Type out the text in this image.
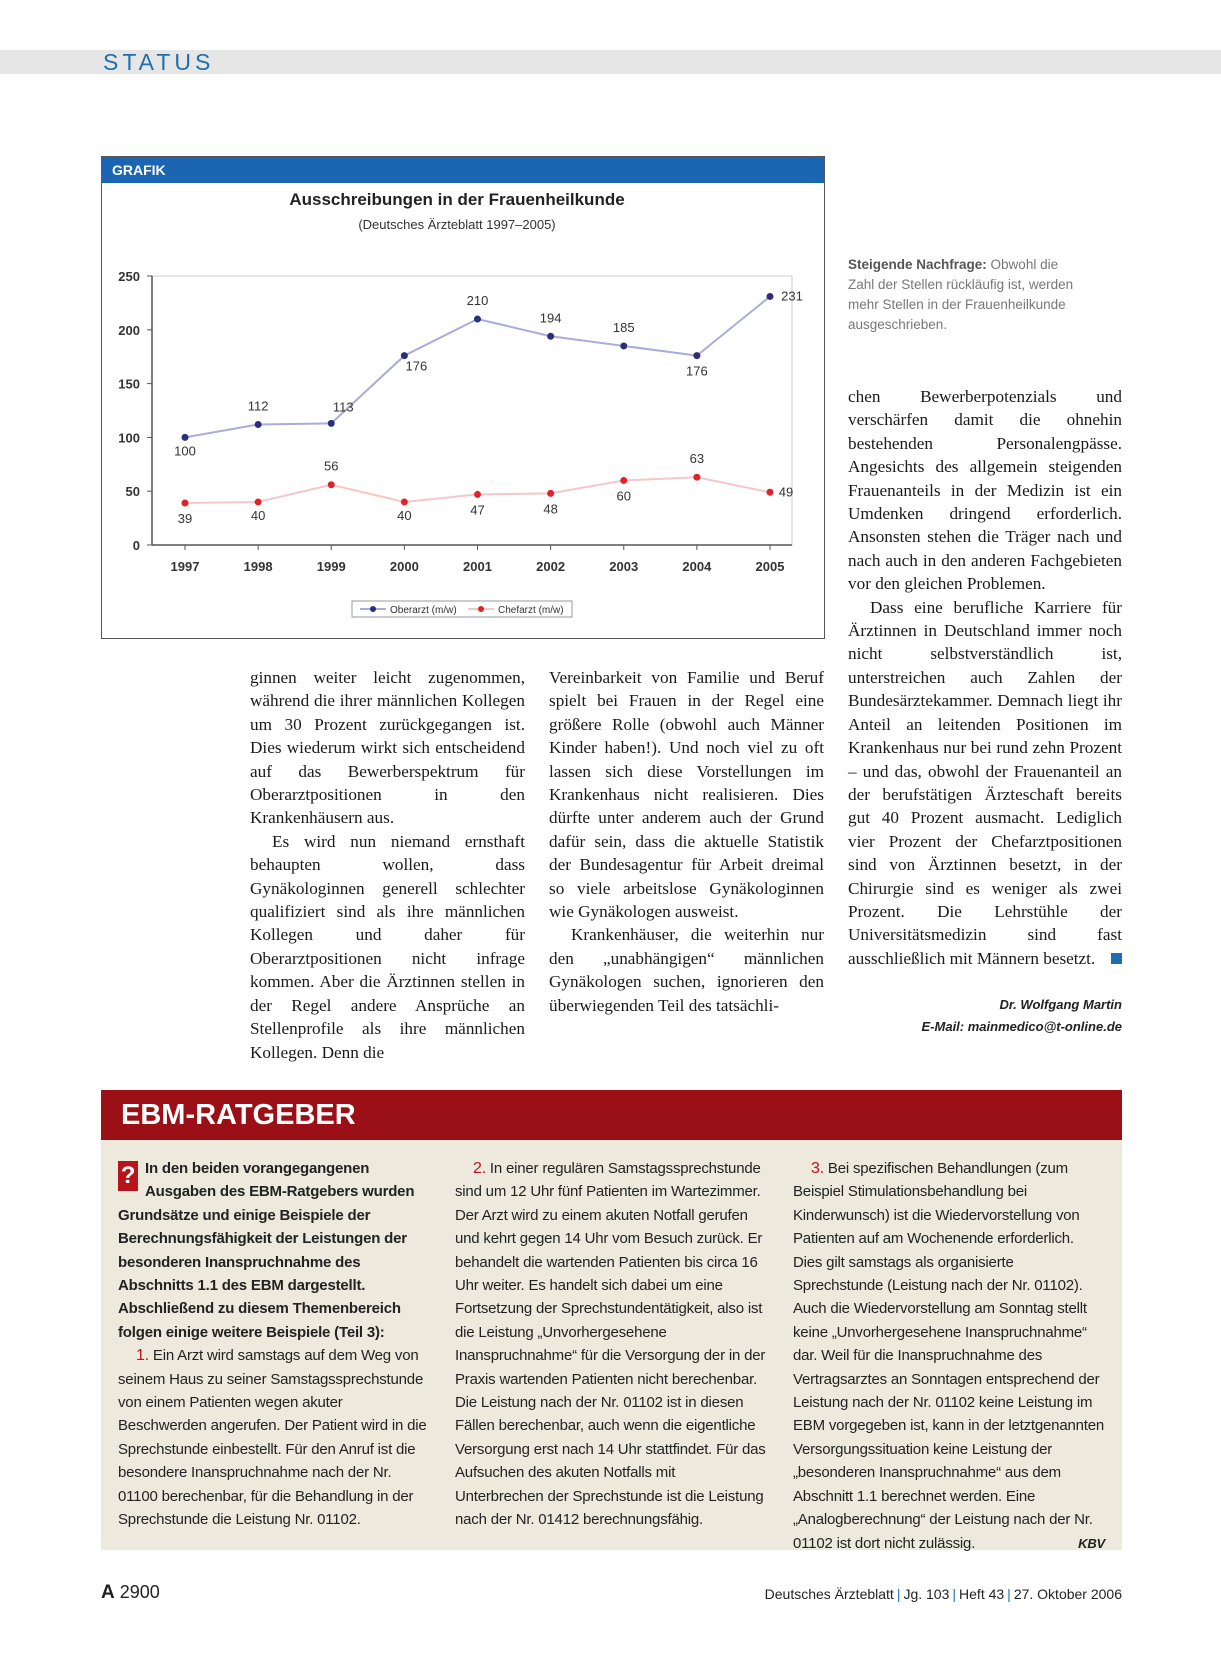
STATUS
GRAFIK
Ausschreibungen in der Frauenheilkunde
(Deutsches Ärzteblatt 1997–2005)
0
50
100
150
200
250
1997	1998	1999	2000	2001	2002	2003	2004	2005
100
112	113
176
210
194
185
176
231
39	40
56
40	47	48
60
63
49
Oberarzt (m/w)	Chefarzt (m/w)
Steigende Nachfrage: Obwohl die Zahl der Stellen rückläufig ist, werden mehr Stellen in der Frauenheilkunde ausgeschrieben.

ginnen weiter leicht zugenommen, während die ihrer männlichen Kollegen um 30 Prozent zurückgegangen ist. Dies wiederum wirkt sich entscheidend auf das Bewerberspektrum für Oberarztpositionen in den Krankenhäusern aus.

Es wird nun niemand ernsthaft behaupten wollen, dass Gynäkologinnen generell schlechter qualifiziert sind als ihre männlichen Kollegen und daher für Oberarztpositionen nicht infrage kommen. Aber die Ärztinnen stellen in der Regel andere Ansprüche an Stellenprofile als ihre männlichen Kollegen. Denn die

Vereinbarkeit von Familie und Beruf spielt bei Frauen in der Regel eine größere Rolle (obwohl auch Männer Kinder haben!). Und noch viel zu oft lassen sich diese Vorstellungen im Krankenhaus nicht realisieren. Dies dürfte unter anderem auch der Grund dafür sein, dass die aktuelle Statistik der Bundesagentur für Arbeit dreimal so viele arbeitslose Gynäkologinnen wie Gynäkologen ausweist.

Krankenhäuser, die weiterhin nur den „unabhängigen“ männlichen Gynäkologen suchen, ignorieren den überwiegenden Teil des tatsächli-

chen Bewerberpotenzials und verschärfen damit die ohnehin bestehenden Personalengpässe. Angesichts des allgemein steigenden Frauenanteils in der Medizin ist ein Umdenken dringend erforderlich. Ansonsten stehen die Träger nach und nach auch in den anderen Fachgebieten vor den gleichen Problemen.

Dass eine berufliche Karriere für Ärztinnen in Deutschland immer noch nicht selbstverständlich ist, unterstreichen auch Zahlen der Bundesärztekammer. Demnach liegt ihr Anteil an leitenden Positionen im Krankenhaus nur bei rund zehn Prozent – und das, obwohl der Frauenanteil an der berufstätigen Ärzteschaft bereits gut 40 Prozent ausmacht. Lediglich vier Prozent der Chefarztpositionen sind von Ärztinnen besetzt, in der Chirurgie sind es weniger als zwei Prozent. Die Lehrstühle der Universitätsmedizin sind fast ausschließlich mit Männern besetzt.

Dr. Wolfgang Martin
E-Mail: mainmedico@t-online.de
EBM-RATGEBER

? In den beiden vorangegangenen Ausgaben des EBM-Ratgebers wurden Grundsätze und einige Beispiele der Berechnungsfähigkeit der Leistungen der besonderen Inanspruchnahme des Abschnitts 1.1 des EBM dargestellt. Abschließend zu diesem Themenbereich folgen einige weitere Beispiele (Teil 3):

1. Ein Arzt wird samstags auf dem Weg von seinem Haus zu seiner Samstagssprechstunde von einem Patienten wegen akuter Beschwerden angerufen. Der Patient wird in die Sprechstunde einbestellt. Für den Anruf ist die besondere Inanspruchnahme nach der Nr. 01100 berechenbar, für die Behandlung in der Sprechstunde die Leistung Nr. 01102.

2. In einer regulären Samstagssprechstunde sind um 12 Uhr fünf Patienten im Wartezimmer. Der Arzt wird zu einem akuten Notfall gerufen und kehrt gegen 14 Uhr vom Besuch zurück. Er behandelt die wartenden Patienten bis circa 16 Uhr weiter. Es handelt sich dabei um eine Fortsetzung der Sprechstundentätigkeit, also ist die Leistung „Unvorhergesehene Inanspruchnahme“ für die Versorgung der in der Praxis wartenden Patienten nicht berechenbar. Die Leistung nach der Nr. 01102 ist in diesen Fällen berechenbar, auch wenn die eigentliche Versorgung erst nach 14 Uhr stattfindet. Für das Aufsuchen des akuten Notfalls mit Unterbrechen der Sprechstunde ist die Leistung nach der Nr. 01412 berechnungsfähig.

3. Bei spezifischen Behandlungen (zum Beispiel Stimulationsbehandlung bei Kinderwunsch) ist die Wiedervorstellung von Patienten auf am Wochenende erforderlich. Dies gilt samstags als organisierte Sprechstunde (Leistung nach der Nr. 01102). Auch die Wiedervorstellung am Sonntag stellt keine „Unvorhergesehene Inanspruchnahme“ dar. Weil für die Inanspruchnahme des Vertragsarztes an Sonntagen entsprechend der Leistung nach der Nr. 01102 keine Leistung im EBM vorgegeben ist, kann in der letztgenannten Versorgungssituation keine Leistung der „besonderen Inanspruchnahme“ aus dem Abschnitt 1.1 berechnet werden. Eine „Analogberechnung“ der Leistung nach der Nr. 01102 ist dort nicht zulässig.	KBV

A 2900	Deutsches Ärzteblatt | Jg. 103 | Heft 43 | 27. Oktober 2006
